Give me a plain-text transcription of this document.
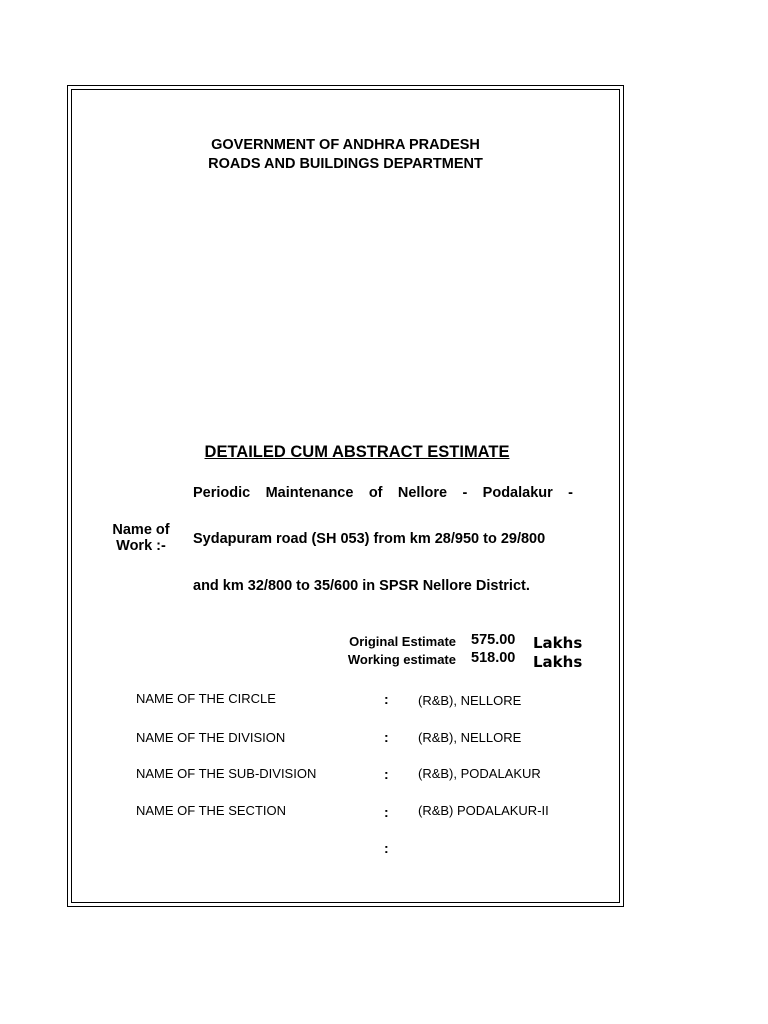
GOVERNMENT OF ANDHRA PRADESH
ROADS AND BUILDINGS DEPARTMENT
DETAILED CUM ABSTRACT ESTIMATE
Periodic Maintenance of Nellore - Podalakur -
Name of
Work :-	Sydapuram road (SH 053) from km 28/950 to 29/800
and km 32/800 to 35/600 in SPSR Nellore District.
Original Estimate 575.00 Lakhs
Working estimate 518.00 Lakhs
NAME OF THE CIRCLE	: (R&B), NELLORE
NAME OF THE DIVISION	: (R&B), NELLORE
NAME OF THE SUB-DIVISION	: (R&B), PODALAKUR
NAME OF THE SECTION	: (R&B) PODALAKUR-II
:
